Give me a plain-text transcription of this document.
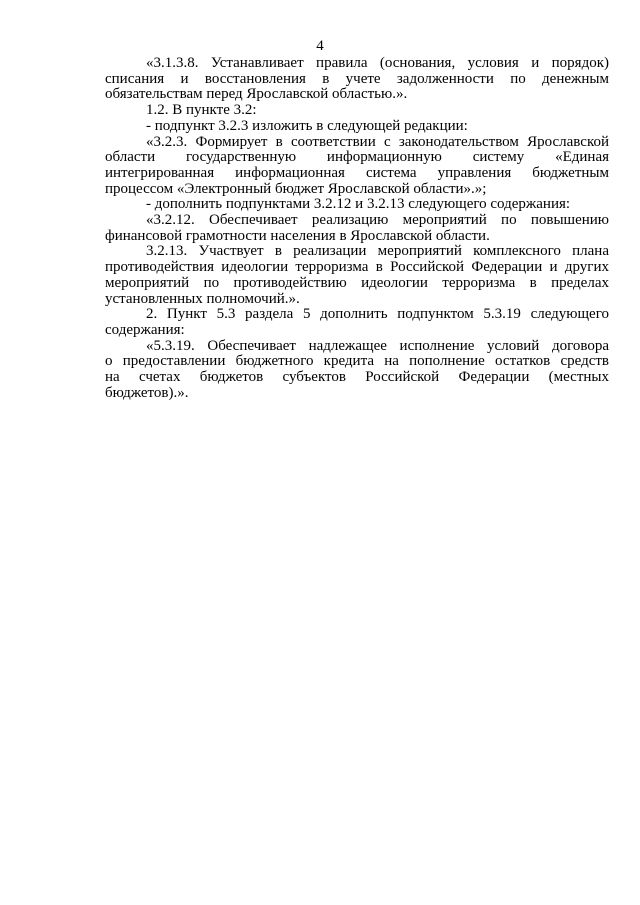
4
«3.1.3.8. Устанавливает правила (основания, условия и порядок)
списания и восстановления в учете задолженности по денежным
обязательствам перед Ярославской областью.».
1.2. В пункте 3.2:
- подпункт 3.2.3 изложить в следующей редакции:
«3.2.3. Формирует в соответствии с законодательством Ярославской
области государственную информационную систему «Единая
интегрированная информационная система управления бюджетным
процессом «Электронный бюджет Ярославской области».»;
- дополнить подпунктами 3.2.12 и 3.2.13 следующего содержания:
«3.2.12. Обеспечивает реализацию мероприятий по повышению
финансовой грамотности населения в Ярославской области.
3.2.13. Участвует в реализации мероприятий комплексного плана
противодействия идеологии терроризма в Российской Федерации и других
мероприятий по противодействию идеологии терроризма в пределах
установленных полномочий.».
2. Пункт 5.3 раздела 5 дополнить подпунктом 5.3.19 следующего
содержания:
«5.3.19. Обеспечивает надлежащее исполнение условий договора
о предоставлении бюджетного кредита на пополнение остатков средств
на счетах бюджетов субъектов Российской Федерации (местных
бюджетов).».
